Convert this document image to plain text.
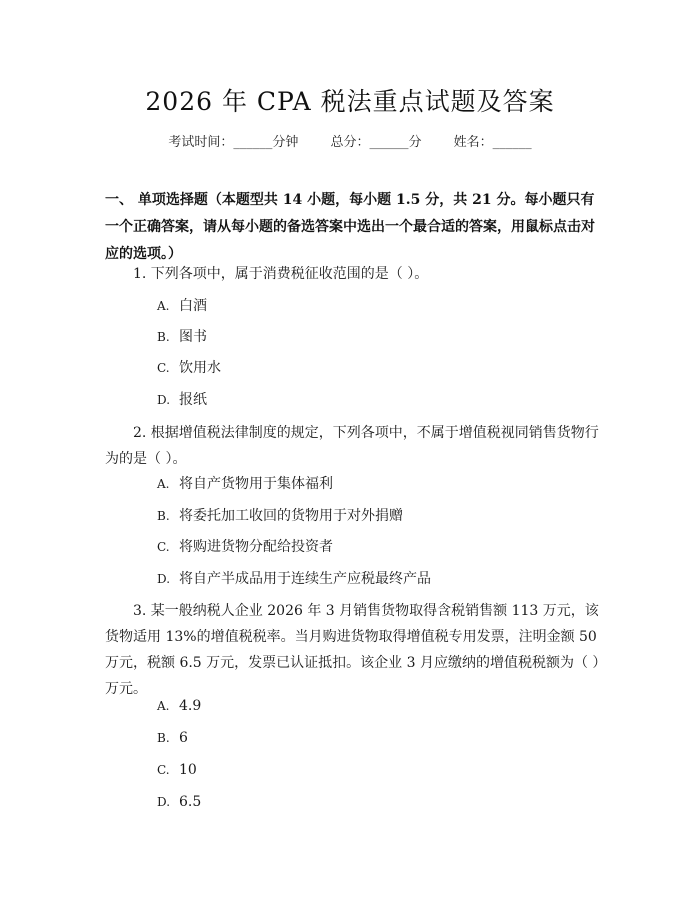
2026 年 CPA 税法重点试题及答案
考试时间：______分钟 总分：______分 姓名：______
一、 单项选择题（本题型共 14 小题，每小题 1.5 分，共 21 分。每小题只有一个正确答案，请从每小题的备选答案中选出一个最合适的答案，用鼠标点击对应的选项。）
1. 下列各项中，属于消费税征收范围的是（ ）。
A. 白酒
B. 图书
C. 饮用水
D. 报纸
2. 根据增值税法律制度的规定，下列各项中，不属于增值税视同销售货物行为的是（ ）。
A. 将自产货物用于集体福利
B. 将委托加工收回的货物用于对外捐赠
C. 将购进货物分配给投资者
D. 将自产半成品用于连续生产应税最终产品
3. 某一般纳税人企业 2026 年 3 月销售货物取得含税销售额 113 万元，该货物适用 13%的增值税税率。当月购进货物取得增值税专用发票，注明金额 50 万元，税额 6.5 万元，发票已认证抵扣。该企业 3 月应缴纳的增值税税额为（ ）万元。
A. 4.9
B. 6
C. 10
D. 6.5
